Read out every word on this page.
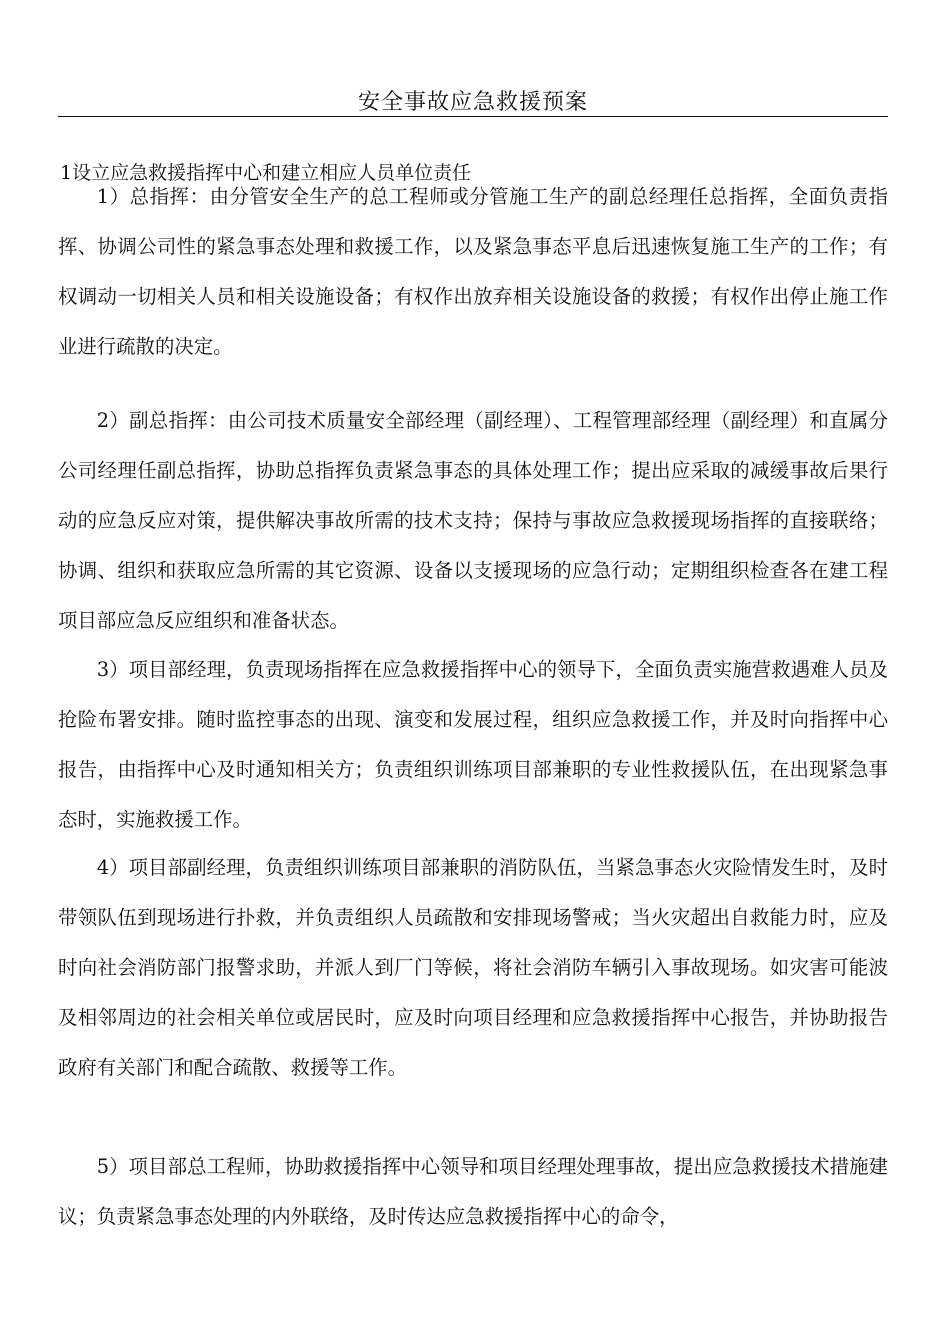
安全事故应急救援预案
1设立应急救援指挥中心和建立相应人员单位责任

1）总指挥：由分管安全生产的总工程师或分管施工生产的副总经理任总指挥，全面负责指挥、协调公司性的紧急事态处理和救援工作，以及紧急事态平息后迅速恢复施工生产的工作；有权调动一切相关人员和相关设施设备；有权作出放弃相关设施设备的救援；有权作出停止施工作业进行疏散的决定。

2）副总指挥：由公司技术质量安全部经理（副经理）、工程管理部经理（副经理）和直属分公司经理任副总指挥，协助总指挥负责紧急事态的具体处理工作；提出应采取的减缓事故后果行动的应急反应对策，提供解决事故所需的技术支持；保持与事故应急救援现场指挥的直接联络；协调、组织和获取应急所需的其它资源、设备以支援现场的应急行动；定期组织检查各在建工程项目部应急反应组织和准备状态。

3）项目部经理，负责现场指挥在应急救援指挥中心的领导下，全面负责实施营救遇难人员及抢险布署安排。随时监控事态的出现、演变和发展过程，组织应急救援工作，并及时向指挥中心报告，由指挥中心及时通知相关方；负责组织训练项目部兼职的专业性救援队伍，在出现紧急事态时，实施救援工作。

4）项目部副经理，负责组织训练项目部兼职的消防队伍，当紧急事态火灾险情发生时，及时带领队伍到现场进行扑救，并负责组织人员疏散和安排现场警戒；当火灾超出自救能力时，应及时向社会消防部门报警求助，并派人到厂门等候，将社会消防车辆引入事故现场。如灾害可能波及相邻周边的社会相关单位或居民时，应及时向项目经理和应急救援指挥中心报告，并协助报告政府有关部门和配合疏散、救援等工作。

5）项目部总工程师，协助救援指挥中心领导和项目经理处理事故，提出应急救援技术措施建议；负责紧急事态处理的内外联络，及时传达应急救援指挥中心的命令，
